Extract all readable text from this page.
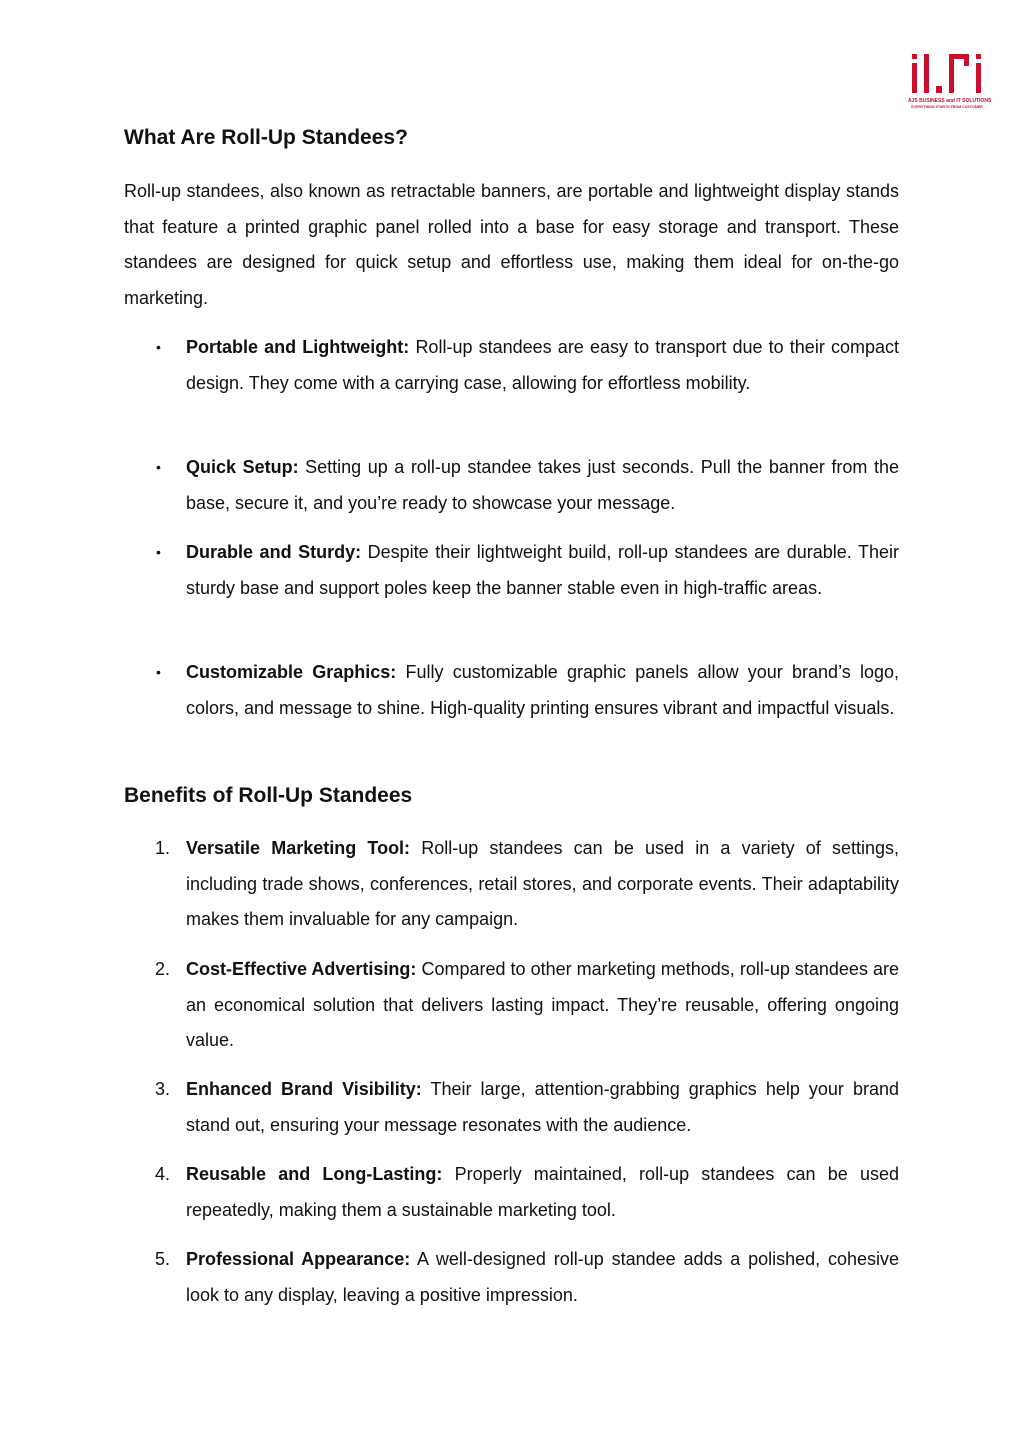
AJS BUSINESS and IT SOLUTIONS
EVERYTHING STARTS FROM CUSTOMER
What Are Roll-Up Standees?

Roll-up standees, also known as retractable banners, are portable and lightweight display stands that feature a printed graphic panel rolled into a base for easy storage and transport. These standees are designed for quick setup and effortless use, making them ideal for on-the-go marketing.

• Portable and Lightweight: Roll-up standees are easy to transport due to their compact design. They come with a carrying case, allowing for effortless mobility.

• Quick Setup: Setting up a roll-up standee takes just seconds. Pull the banner from the base, secure it, and you’re ready to showcase your message.

• Durable and Sturdy: Despite their lightweight build, roll-up standees are durable. Their sturdy base and support poles keep the banner stable even in high-traffic areas.

• Customizable Graphics: Fully customizable graphic panels allow your brand’s logo, colors, and message to shine. High-quality printing ensures vibrant and impactful visuals.

Benefits of Roll-Up Standees
1. Versatile Marketing Tool: Roll-up standees can be used in a variety of settings, including trade shows, conferences, retail stores, and corporate events. Their adaptability makes them invaluable for any campaign.

2. Cost-Effective Advertising: Compared to other marketing methods, roll-up standees are an economical solution that delivers lasting impact. They’re reusable, offering ongoing value.

3. Enhanced Brand Visibility: Their large, attention-grabbing graphics help your brand stand out, ensuring your message resonates with the audience.

4. Reusable and Long-Lasting: Properly maintained, roll-up standees can be used repeatedly, making them a sustainable marketing tool.

5. Professional Appearance: A well-designed roll-up standee adds a polished, cohesive look to any display, leaving a positive impression.
